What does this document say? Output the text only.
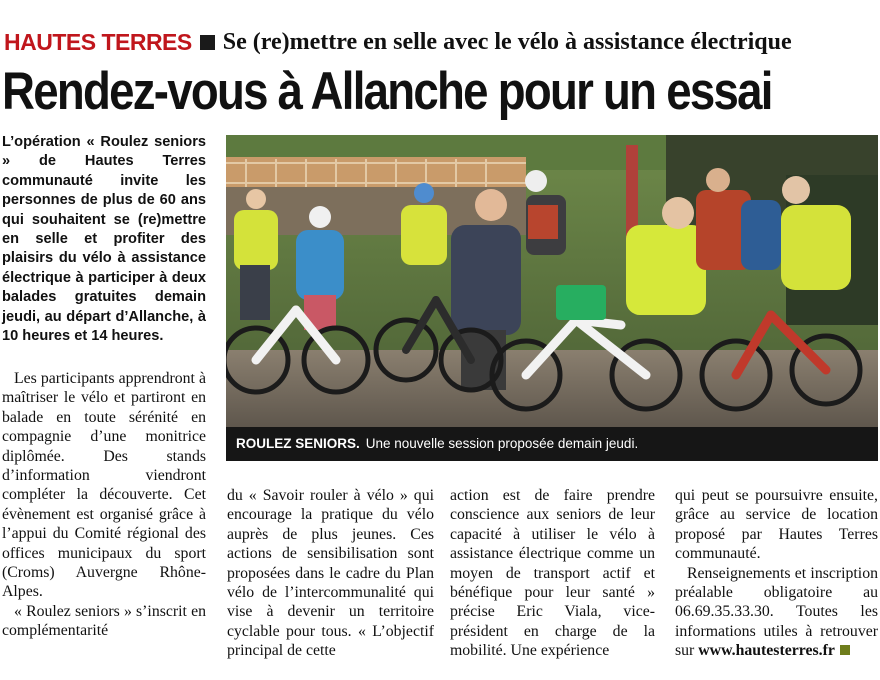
HAUTES TERRES Se (re)mettre en selle avec le vélo à assistance électrique
Rendez-vous à Allanche pour un essai
L’opération « Roulez seniors » de Hautes Terres communauté invite les personnes de plus de 60 ans qui souhaitent se (re)mettre en selle et profiter des plaisirs du vélo à assistance électrique à participer à deux balades gratuites demain jeudi, au départ d’Allanche, à 10 heures et 14 heures.

Les participants apprendront à maîtriser le vélo et partiront en balade en toute sérénité en compagnie d’une monitrice diplômée. Des stands d’information viendront compléter la découverte. Cet évènement est organisé grâce à l’appui du Comité régional des offices municipaux du sport (Croms) Auvergne Rhône-Alpes.

« Roulez seniors » s’inscrit en complémentarité

du « Savoir rouler à vélo » qui encourage la pratique du vélo auprès de plus jeunes. Ces actions de sensibilisation sont proposées dans le cadre du Plan vélo de l’intercommunalité qui vise à devenir un territoire cyclable pour tous. « L’objectif principal de cette

action est de faire prendre conscience aux seniors de leur capacité à utiliser le vélo à assistance électrique comme un moyen de transport actif et bénéfique pour leur santé » précise Eric Viala, vice-président en charge de la mobilité. Une expérience

qui peut se poursuivre ensuite, grâce au service de location proposé par Hautes Terres communauté.

Renseignements et inscription préalable obligatoire au 06.69.35.33.30. Toutes les informations utiles à retrouver sur www.hautesterres.fr

ROULEZ SENIORS. Une nouvelle session proposée demain jeudi.
